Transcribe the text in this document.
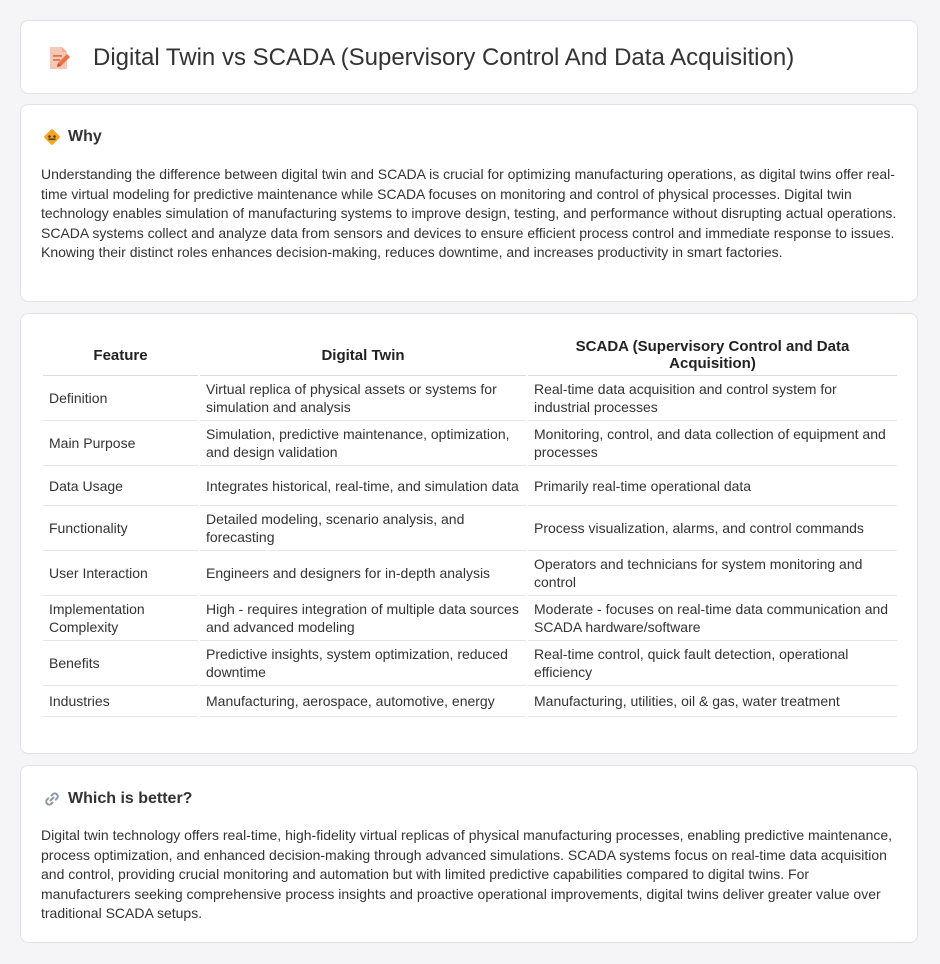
Digital Twin vs SCADA (Supervisory Control And Data Acquisition)
Why

Understanding the difference between digital twin and SCADA is crucial for optimizing manufacturing operations, as digital twins offer real-time virtual modeling for predictive maintenance while SCADA focuses on monitoring and control of physical processes. Digital twin technology enables simulation of manufacturing systems to improve design, testing, and performance without disrupting actual operations. SCADA systems collect and analyze data from sensors and devices to ensure efficient process control and immediate response to issues. Knowing their distinct roles enhances decision-making, reduces downtime, and increases productivity in smart factories.

Feature	Digital Twin	SCADA (Supervisory Control and Data Acquisition)
Definition	Virtual replica of physical assets or systems for simulation and analysis	Real-time data acquisition and control system for industrial processes
Main Purpose	Simulation, predictive maintenance, optimization, and design validation	Monitoring, control, and data collection of equipment and processes
Data Usage	Integrates historical, real-time, and simulation data	Primarily real-time operational data
Functionality	Detailed modeling, scenario analysis, and forecasting	Process visualization, alarms, and control commands
User Interaction	Engineers and designers for in-depth analysis	Operators and technicians for system monitoring and control
Implementation Complexity	High - requires integration of multiple data sources and advanced modeling	Moderate - focuses on real-time data communication and SCADA hardware/software
Benefits	Predictive insights, system optimization, reduced downtime	Real-time control, quick fault detection, operational efficiency
Industries	Manufacturing, aerospace, automotive, energy	Manufacturing, utilities, oil & gas, water treatment
Which is better?

Digital twin technology offers real-time, high-fidelity virtual replicas of physical manufacturing processes, enabling predictive maintenance, process optimization, and enhanced decision-making through advanced simulations. SCADA systems focus on real-time data acquisition and control, providing crucial monitoring and automation but with limited predictive capabilities compared to digital twins. For manufacturers seeking comprehensive process insights and proactive operational improvements, digital twins deliver greater value over traditional SCADA setups.
